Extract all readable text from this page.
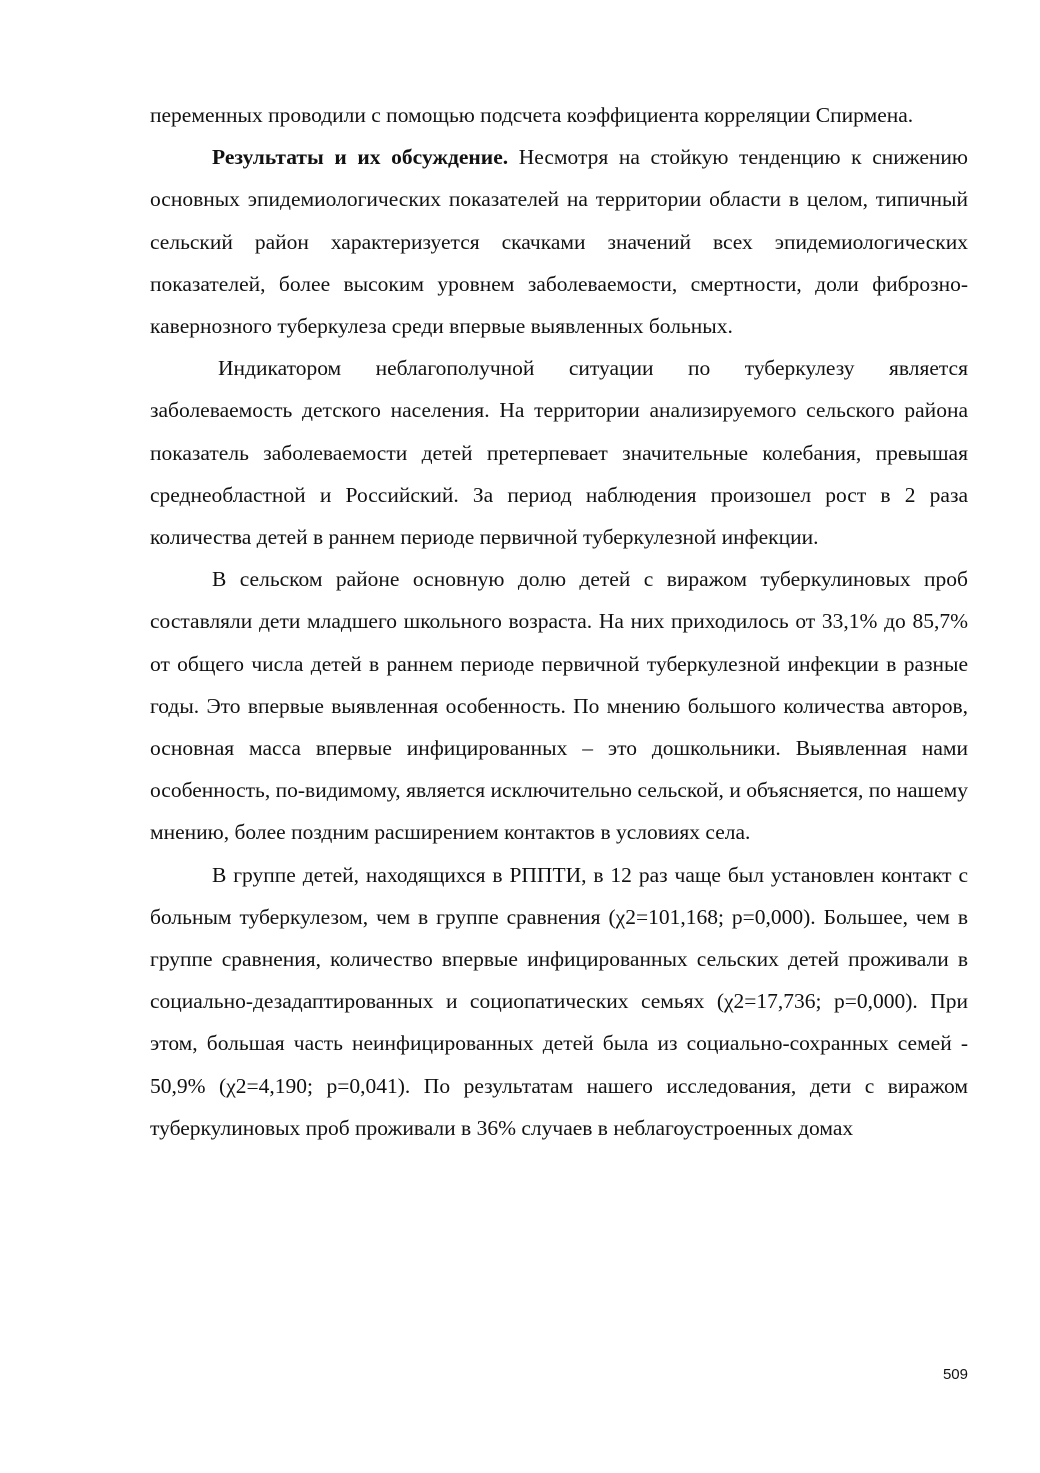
переменных проводили с помощью подсчета коэффициента корреляции Спирмена.

Результаты и их обсуждение. Несмотря на стойкую тенденцию к снижению основных эпидемиологических показателей на территории области в целом, типичный сельский район характеризуется скачками значений всех эпидемиологических показателей, более высоким уровнем заболеваемости, смертности, доли фиброзно-кавернозного туберкулеза среди впервые выявленных больных.

Индикатором неблагополучной ситуации по туберкулезу является заболеваемость детского населения. На территории анализируемого сельского района показатель заболеваемости детей претерпевает значительные колебания, превышая среднеобластной и Российский. За период наблюдения произошел рост в 2 раза количества детей в раннем периоде первичной туберкулезной инфекции.

В сельском районе основную долю детей с виражом туберкулиновых проб составляли дети младшего школьного возраста. На них приходилось от 33,1% до 85,7% от общего числа детей в раннем периоде первичной туберкулезной инфекции в разные годы. Это впервые выявленная особенность. По мнению большого количества авторов, основная масса впервые инфицированных – это дошкольники. Выявленная нами особенность, по-видимому, является исключительно сельской, и объясняется, по нашему мнению, более поздним расширением контактов в условиях села.

В группе детей, находящихся в РППТИ, в 12 раз чаще был установлен контакт с больным туберкулезом, чем в группе сравнения (χ2=101,168; р=0,000). Большее, чем в группе сравнения, количество впервые инфицированных сельских детей проживали в социально-дезадаптированных и социопатических семьях (χ2=17,736; р=0,000). При этом, большая часть неинфицированных детей была из социально-сохранных семей - 50,9% (χ2=4,190; р=0,041). По результатам нашего исследования, дети с виражом туберкулиновых проб проживали в 36% случаев в неблагоустроенных домах

509
